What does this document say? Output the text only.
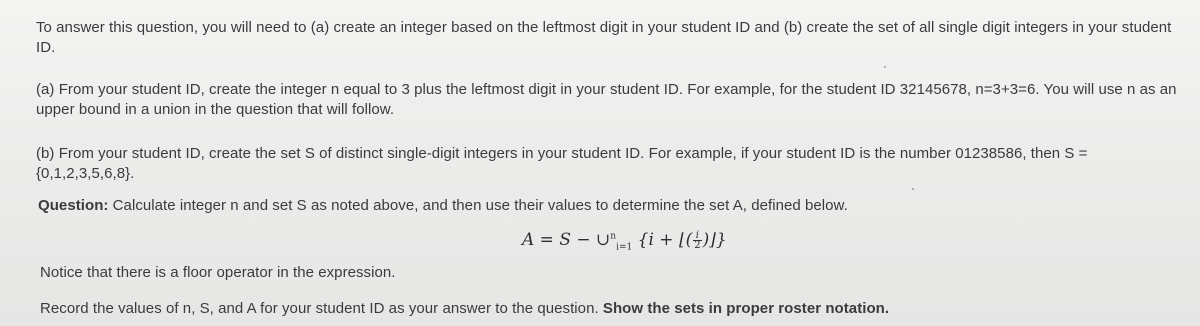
To answer this question, you will need to (a) create an integer based on the leftmost digit in your student ID and (b) create the set of all single digit integers in your student
ID.
(a) From your student ID, create the integer n equal to 3 plus the leftmost digit in your student ID. For example, for the student ID 32145678, n=3+3=6. You will use n as an
upper bound in a union in the question that will follow.
(b) From your student ID, create the set S of distinct single-digit integers in your student ID. For example, if your student ID is the number 01238586, then S =
{0,1,2,3,5,6,8}.
Question: Calculate integer n and set S as noted above, and then use their values to determine the set A, defined below.
A = S − ∪$^n_{i=1}$ {i + ⌊( $\frac{i}{2}$ )⌋}
Notice that there is a floor operator in the expression.
Record the values of n, S, and A for your student ID as your answer to the question. Show the sets in proper roster notation.
